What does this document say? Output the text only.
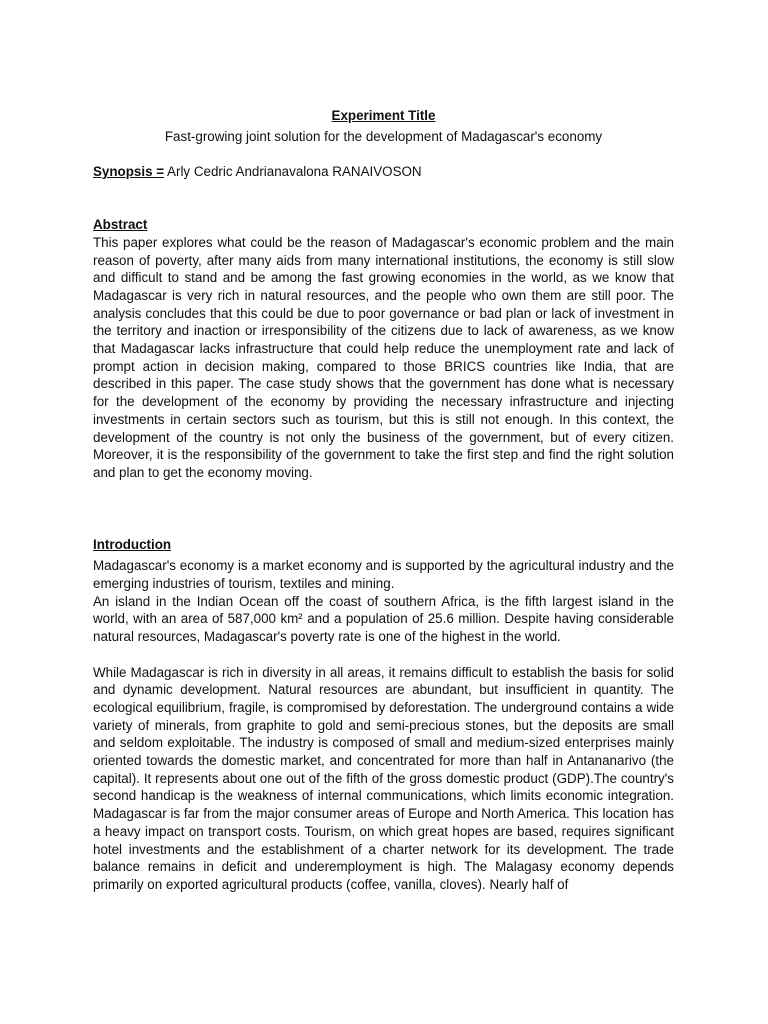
Experiment Title

Fast-growing joint solution for the development of Madagascar's economy

Synopsis = Arly Cedric Andrianavalona RANAIVOSON

Abstract

This paper explores what could be the reason of Madagascar's economic problem and the main reason of poverty, after many aids from many international institutions, the economy is still slow and difficult to stand and be among the fast growing economies in the world, as we know that Madagascar is very rich in natural resources, and the people who own them are still poor. The analysis concludes that this could be due to poor governance or bad plan or lack of investment in the territory and inaction or irresponsibility of the citizens due to lack of awareness, as we know that Madagascar lacks infrastructure that could help reduce the unemployment rate and lack of prompt action in decision making, compared to those BRICS countries like India, that are described in this paper. The case study shows that the government has done what is necessary for the development of the economy by providing the necessary infrastructure and injecting investments in certain sectors such as tourism, but this is still not enough. In this context, the development of the country is not only the business of the government, but of every citizen. Moreover, it is the responsibility of the government to take the first step and find the right solution and plan to get the economy moving.

Introduction

Madagascar's economy is a market economy and is supported by the agricultural industry and the emerging industries of tourism, textiles and mining.

An island in the Indian Ocean off the coast of southern Africa, is the fifth largest island in the world, with an area of 587,000 km² and a population of 25.6 million. Despite having considerable natural resources, Madagascar's poverty rate is one of the highest in the world.

While Madagascar is rich in diversity in all areas, it remains difficult to establish the basis for solid and dynamic development. Natural resources are abundant, but insufficient in quantity. The ecological equilibrium, fragile, is compromised by deforestation. The underground contains a wide variety of minerals, from graphite to gold and semi-precious stones, but the deposits are small and seldom exploitable. The industry is composed of small and medium-sized enterprises mainly oriented towards the domestic market, and concentrated for more than half in Antananarivo (the capital). It represents about one out of the fifth of the gross domestic product (GDP).The country's second handicap is the weakness of internal communications, which limits economic integration. Madagascar is far from the major consumer areas of Europe and North America. This location has a heavy impact on transport costs. Tourism, on which great hopes are based, requires significant hotel investments and the establishment of a charter network for its development. The trade balance remains in deficit and underemployment is high. The Malagasy economy depends primarily on exported agricultural products (coffee, vanilla, cloves). Nearly half of
